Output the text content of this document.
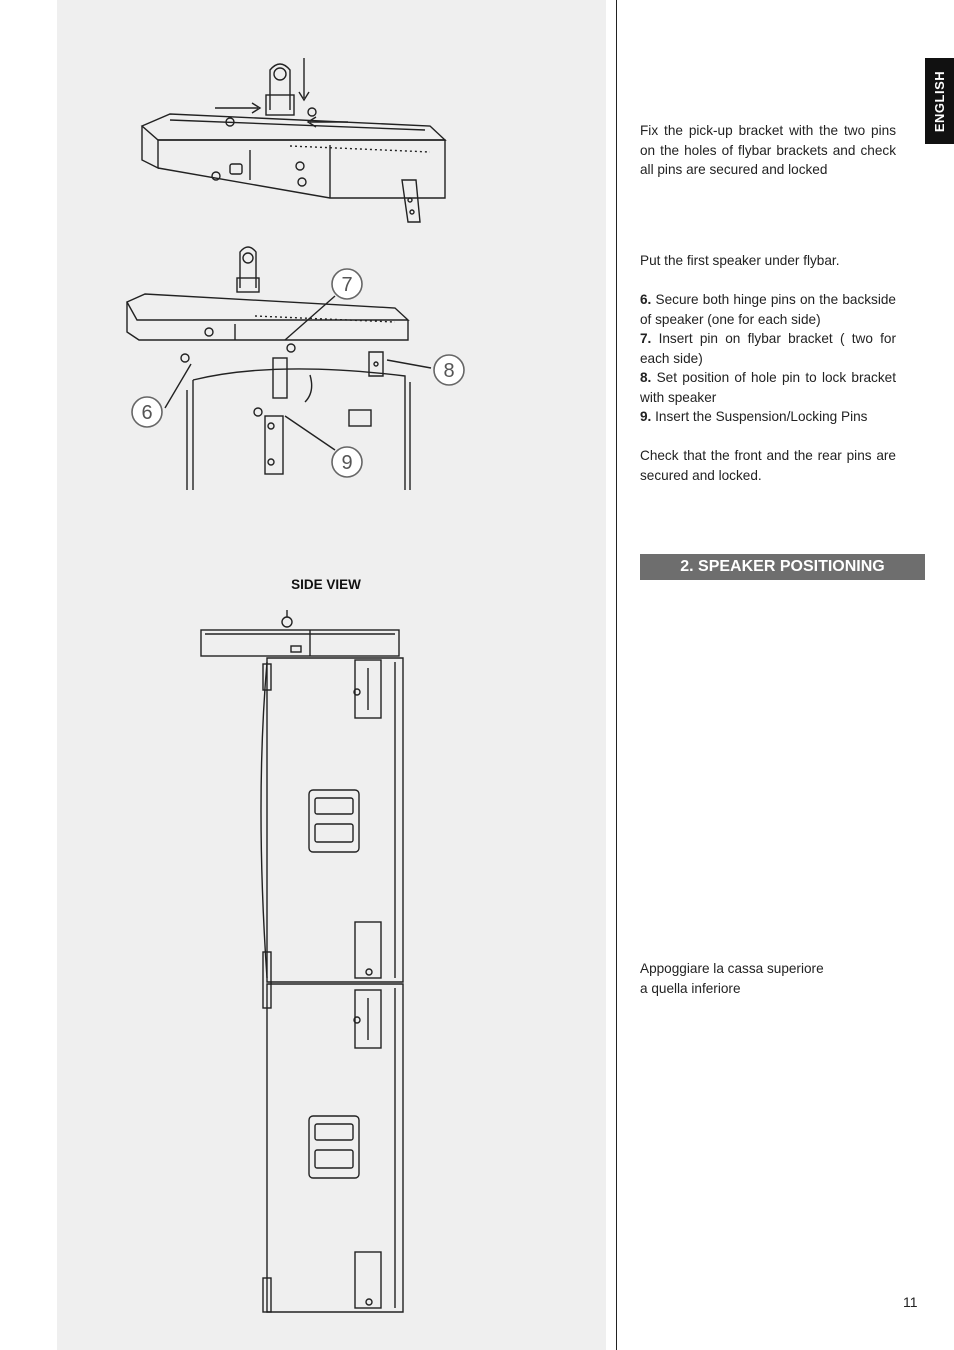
ENGLISH
7
8
6
9
SIDE VIEW

Fix the pick-up bracket with the two pins on the holes of flybar brackets and check all pins are secured and locked

Put the first speaker under flybar.

6. Secure both hinge pins on the backside of speaker (one for each side)

7. Insert pin on flybar bracket ( two for each side)

8. Set position of hole pin to lock bracket with speaker

9. Insert the Suspension/Locking Pins

Check that the front and the rear pins are secured and locked.

2. SPEAKER POSITIONING

Appoggiare la cassa superiore

a quella inferiore

11
